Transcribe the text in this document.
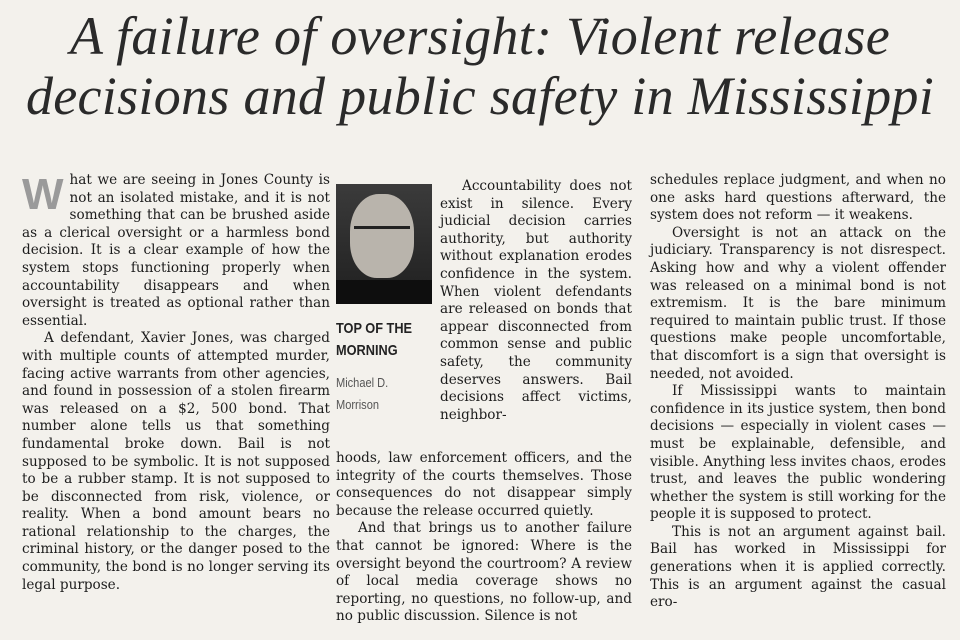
A failure of oversight: Violent release
decisions and public safety in Mississippi

What we are seeing in Jones County is not an isolated mistake, and it is not something that can be brushed aside as a clerical oversight or a harmless bond decision. It is a clear example of how the system stops functioning properly when accountability disappears and when oversight is treated as optional rather than essential.

A defendant, Xavier Jones, was charged with multiple counts of attempted murder, facing active warrants from other agencies, and found in possession of a stolen firearm was released on a $2, 500 bond. That number alone tells us that something fundamental broke down. Bail is not supposed to be symbolic. It is not supposed to be a rubber stamp. It is not supposed to be disconnected from risk, violence, or reality. When a bond amount bears no rational relationship to the charges, the criminal history, or the danger posed to the community, the bond is no longer serving its legal purpose.

TOP OF THE
MORNING
Michael D.
Morrison

Accountability does not exist in silence. Every judicial decision carries authority, but authority without explanation erodes confidence in the system. When violent defendants are released on bonds that appear disconnected from common sense and public safety, the community deserves answers. Bail decisions affect victims, neighbor-

hoods, law enforcement officers, and the integrity of the courts themselves. Those consequences do not disappear simply because the release occurred quietly.

And that brings us to another failure that cannot be ignored: Where is the oversight beyond the courtroom? A review of local media coverage shows no reporting, no questions, no follow-up, and no public discussion. Silence is not

schedules replace judgment, and when no one asks hard questions afterward, the system does not reform — it weakens.

Oversight is not an attack on the judiciary. Transparency is not disrespect. Asking how and why a violent offender was released on a minimal bond is not extremism. It is the bare minimum required to maintain public trust. If those questions make people uncomfortable, that discomfort is a sign that oversight is needed, not avoided.

If Mississippi wants to maintain confidence in its justice system, then bond decisions — especially in violent cases — must be explainable, defensible, and visible. Anything less invites chaos, erodes trust, and leaves the public wondering whether the system is still working for the people it is supposed to protect.

This is not an argument against bail. Bail has worked in Mississippi for generations when it is applied correctly. This is an argument against the casual ero-
